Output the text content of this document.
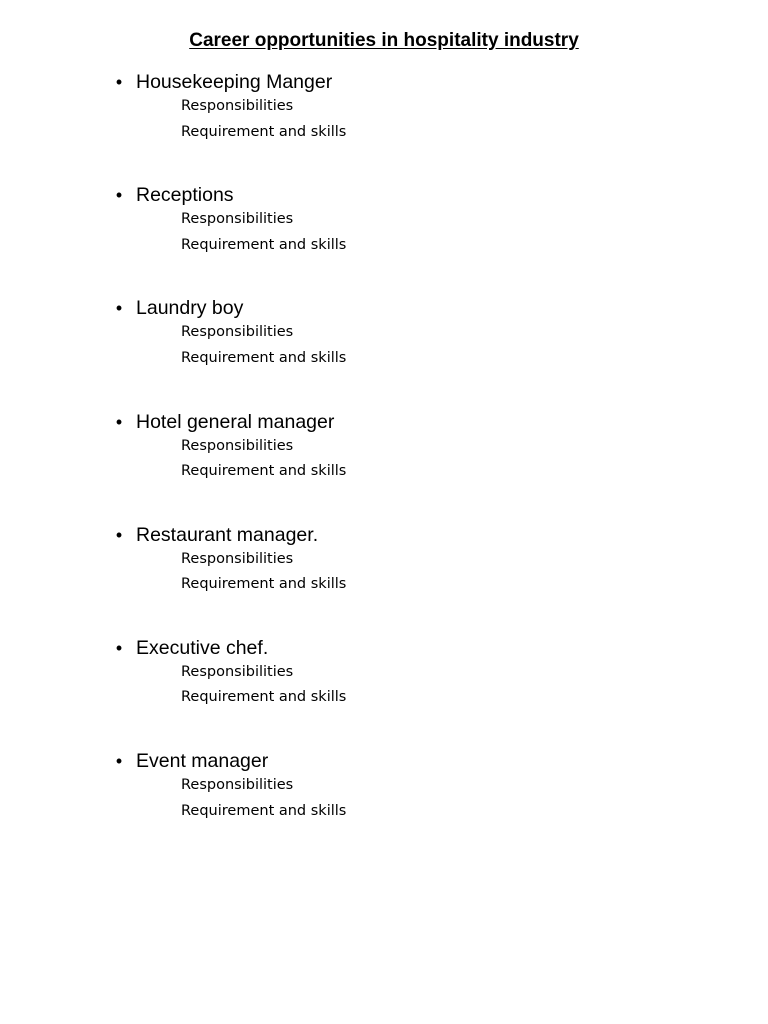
Career opportunities in hospitality industry
• Housekeeping Manger
Responsibilities
Requirement and skills
• Receptions
Responsibilities
Requirement and skills
• Laundry boy
Responsibilities
Requirement and skills
• Hotel general manager
Responsibilities
Requirement and skills
• Restaurant manager.
Responsibilities
Requirement and skills
• Executive chef.
Responsibilities
Requirement and skills
• Event manager
Responsibilities
Requirement and skills
